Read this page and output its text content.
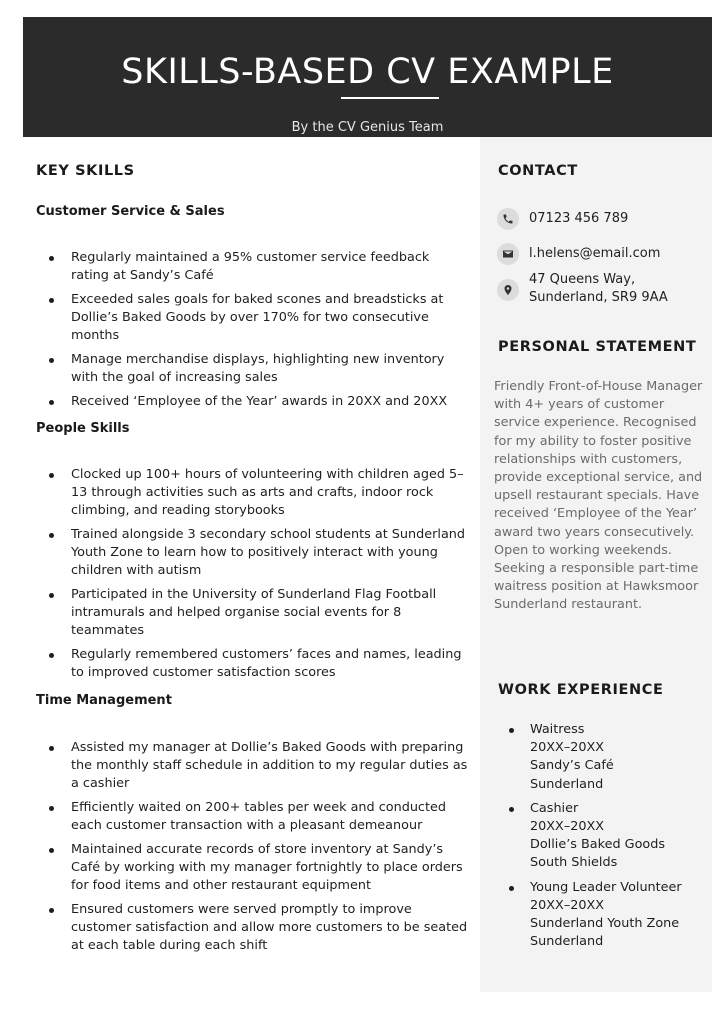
SKILLS-BASED CV EXAMPLE
By the CV Genius Team
KEY SKILLS
Customer Service & Sales
Regularly maintained a 95% customer service feedback rating at Sandy’s Café
Exceeded sales goals for baked scones and breadsticks at Dollie’s Baked Goods by over 170% for two consecutive months
Manage merchandise displays, highlighting new inventory with the goal of increasing sales
Received ‘Employee of the Year’ awards in 20XX and 20XX
People Skills
Clocked up 100+ hours of volunteering with children aged 5–13 through activities such as arts and crafts, indoor rock climbing, and reading storybooks
Trained alongside 3 secondary school students at Sunderland Youth Zone to learn how to positively interact with young children with autism
Participated in the University of Sunderland Flag Football intramurals and helped organise social events for 8 teammates
Regularly remembered customers’ faces and names, leading to improved customer satisfaction scores
Time Management
Assisted my manager at Dollie’s Baked Goods with preparing the monthly staff schedule in addition to my regular duties as a cashier
Efficiently waited on 200+ tables per week and conducted each customer transaction with a pleasant demeanour
Maintained accurate records of store inventory at Sandy’s Café by working with my manager fortnightly to place orders for food items and other restaurant equipment
Ensured customers were served promptly to improve customer satisfaction and allow more customers to be seated at each table during each shift
CONTACT
07123 456 789
l.helens@email.com
47 Queens Way,
Sunderland, SR9 9AA
PERSONAL STATEMENT
Friendly Front-of-House Manager with 4+ years of customer service experience. Recognised for my ability to foster positive relationships with customers, provide exceptional service, and upsell restaurant specials. Have received ‘Employee of the Year’ award two years consecutively. Open to working weekends. Seeking a responsible part-time waitress position at Hawksmoor Sunderland restaurant.
WORK EXPERIENCE
Waitress
20XX–20XX
Sandy’s Café
Sunderland
Cashier
20XX–20XX
Dollie’s Baked Goods
South Shields
Young Leader Volunteer
20XX–20XX
Sunderland Youth Zone
Sunderland
